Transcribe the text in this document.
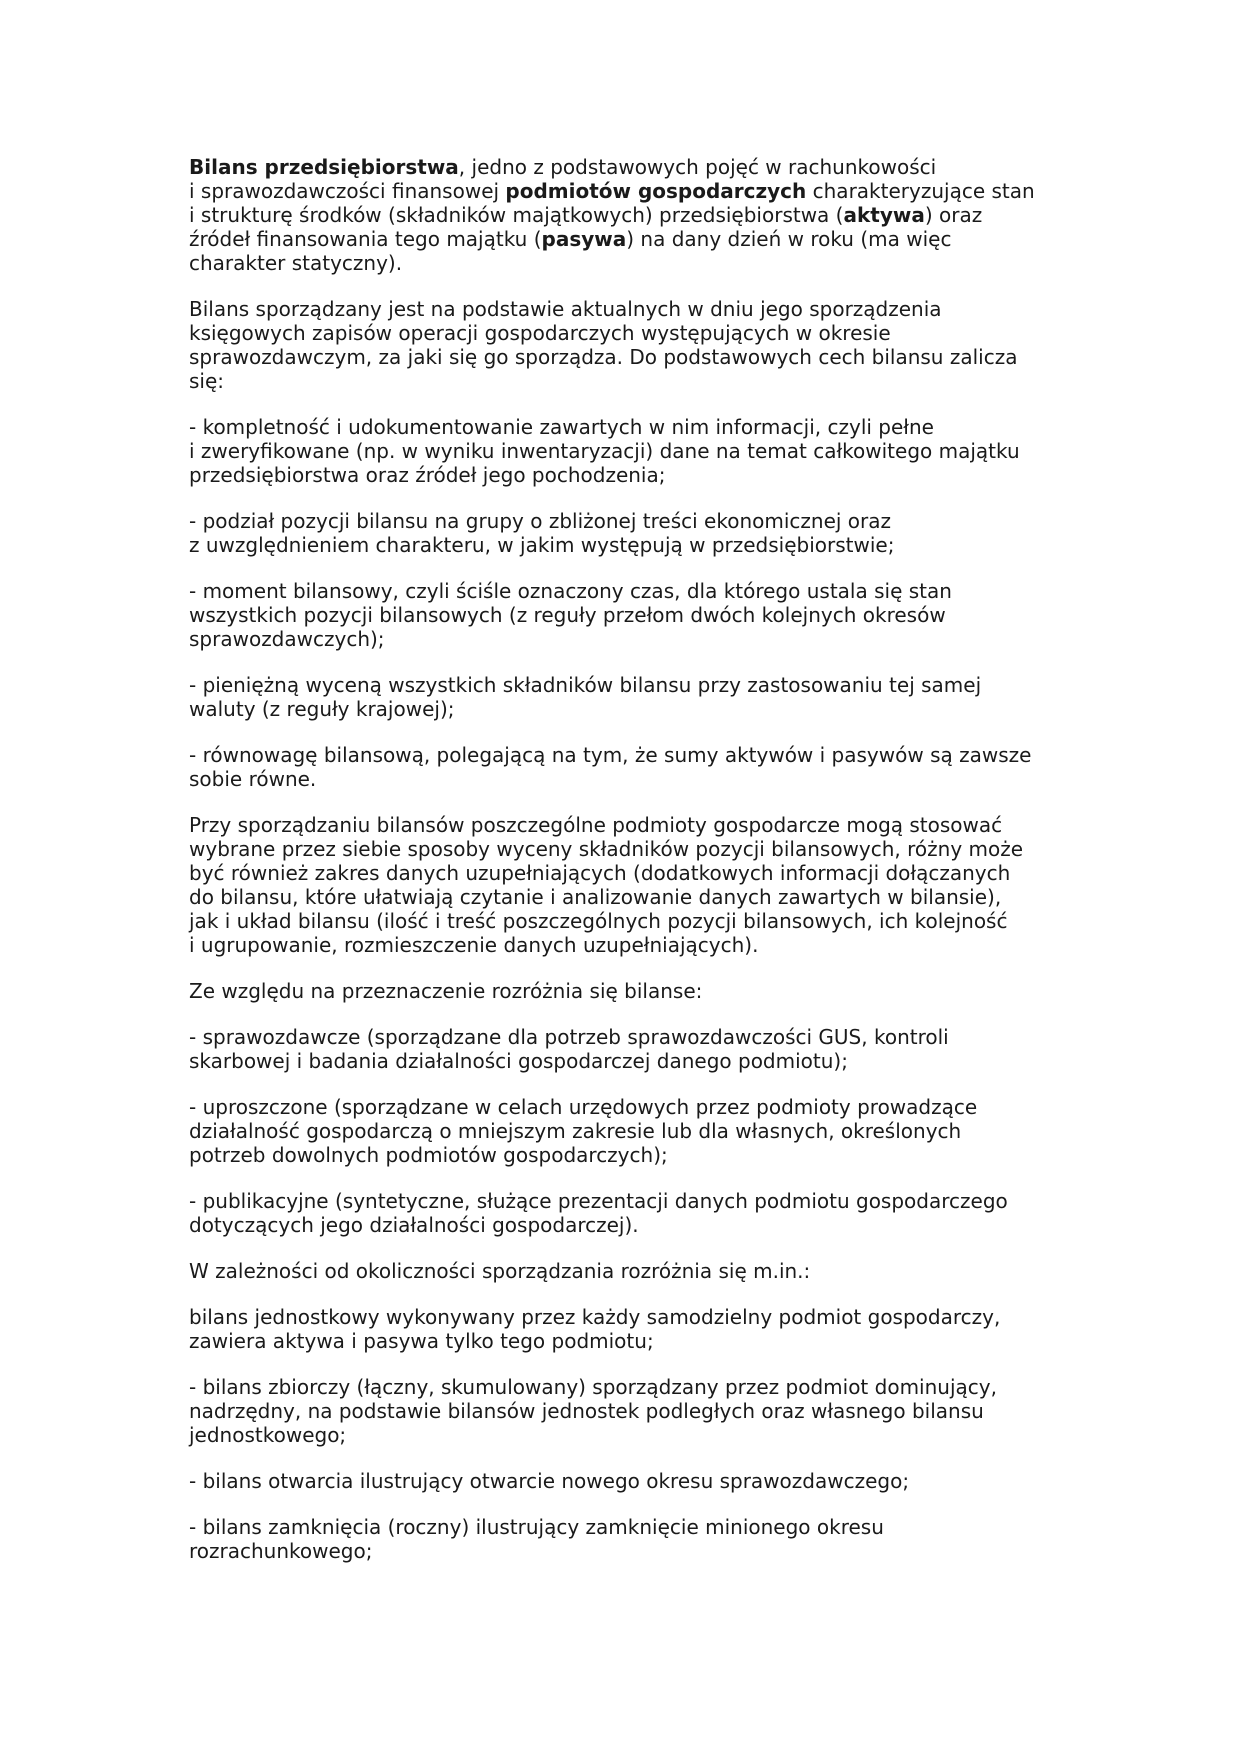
Bilans przedsiębiorstwa, jedno z podstawowych pojęć w rachunkowości
i sprawozdawczości finansowej podmiotów gospodarczych charakteryzujące stan
i strukturę środków (składników majątkowych) przedsiębiorstwa (aktywa) oraz
źródeł finansowania tego majątku (pasywa) na dany dzień w roku (ma więc
charakter statyczny).

Bilans sporządzany jest na podstawie aktualnych w dniu jego sporządzenia
księgowych zapisów operacji gospodarczych występujących w okresie
sprawozdawczym, za jaki się go sporządza. Do podstawowych cech bilansu zalicza
się:

- kompletność i udokumentowanie zawartych w nim informacji, czyli pełne
i zweryfikowane (np. w wyniku inwentaryzacji) dane na temat całkowitego majątku
przedsiębiorstwa oraz źródeł jego pochodzenia;

- podział pozycji bilansu na grupy o zbliżonej treści ekonomicznej oraz
z uwzględnieniem charakteru, w jakim występują w przedsiębiorstwie;

- moment bilansowy, czyli ściśle oznaczony czas, dla którego ustala się stan
wszystkich pozycji bilansowych (z reguły przełom dwóch kolejnych okresów
sprawozdawczych);

- pieniężną wyceną wszystkich składników bilansu przy zastosowaniu tej samej
waluty (z reguły krajowej);

- równowagę bilansową, polegającą na tym, że sumy aktywów i pasywów są zawsze
sobie równe.

Przy sporządzaniu bilansów poszczególne podmioty gospodarcze mogą stosować
wybrane przez siebie sposoby wyceny składników pozycji bilansowych, różny może
być również zakres danych uzupełniających (dodatkowych informacji dołączanych
do bilansu, które ułatwiają czytanie i analizowanie danych zawartych w bilansie),
jak i układ bilansu (ilość i treść poszczególnych pozycji bilansowych, ich kolejność
i ugrupowanie, rozmieszczenie danych uzupełniających).

Ze względu na przeznaczenie rozróżnia się bilanse:

- sprawozdawcze (sporządzane dla potrzeb sprawozdawczości GUS, kontroli
skarbowej i badania działalności gospodarczej danego podmiotu);

- uproszczone (sporządzane w celach urzędowych przez podmioty prowadzące
działalność gospodarczą o mniejszym zakresie lub dla własnych, określonych
potrzeb dowolnych podmiotów gospodarczych);

- publikacyjne (syntetyczne, służące prezentacji danych podmiotu gospodarczego
dotyczących jego działalności gospodarczej).

W zależności od okoliczności sporządzania rozróżnia się m.in.:

bilans jednostkowy wykonywany przez każdy samodzielny podmiot gospodarczy,
zawiera aktywa i pasywa tylko tego podmiotu;

- bilans zbiorczy (łączny, skumulowany) sporządzany przez podmiot dominujący,
nadrzędny, na podstawie bilansów jednostek podległych oraz własnego bilansu
jednostkowego;

- bilans otwarcia ilustrujący otwarcie nowego okresu sprawozdawczego;

- bilans zamknięcia (roczny) ilustrujący zamknięcie minionego okresu
rozrachunkowego;
